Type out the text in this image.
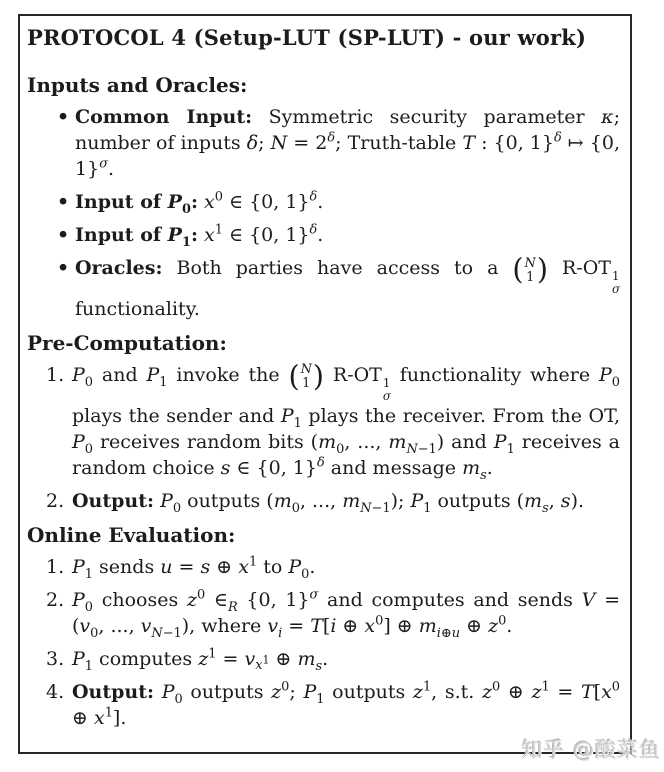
PROTOCOL 4 (Setup-LUT (SP-LUT) - our work)
Inputs and Oracles:
• Common Input: Symmetric security parameter κ; number of inputs δ; $N = 2^\delta$; Truth-table T : {0, 1}$^\delta$ ↦ {0, 1}$^\sigma$.
• Input of $P_0$: $x^0$ ∈ {0, 1}$^\delta$.
• Input of $P_1$: $x^1$ ∈ {0, 1}$^\delta$.
• Oracles: Both parties have access to a ( N
1 ) R-OT 1
σ
functionality.
Pre-Computation:
$P_0$ and $P_1$ invoke the ( N
1 ) R-OT 1
σ
functionality where $P_0$ plays the sender and $P_1$ plays the receiver. From the OT, $P_0$ receives random bits ($m_0$, ..., $m_{N-1}$) and $P_1$ receives a random choice s ∈ {0, 1}$^\delta$ and message $m_s$.
Output: $P_0$ outputs ($m_0$, ..., $m_{N-1}$); $P_1$ outputs ($m_s$, s).
Online Evaluation:
$P_1$ sends u = s ⊕ $x^1$ to $P_0$.
$P_0$ chooses $z^0$ $\in_R$ {0, 1}$^\sigma$ and computes and sends $V = (v_0$, ..., $v_{N-1}$), where $v_i = T[i$ ⊕ $x^0$] ⊕ $m_{i\oplus u}$ ⊕ $z^0$.
$P_1$ computes $z^1 = v_{x^1}$ ⊕ $m_s$.
Output: $P_0$ outputs $z^0$; $P_1$ outputs $z^1$, s.t. $z^0$ ⊕ $z^1 = T[x^0$ ⊕ $x^1$].
知乎 @酸菜鱼
